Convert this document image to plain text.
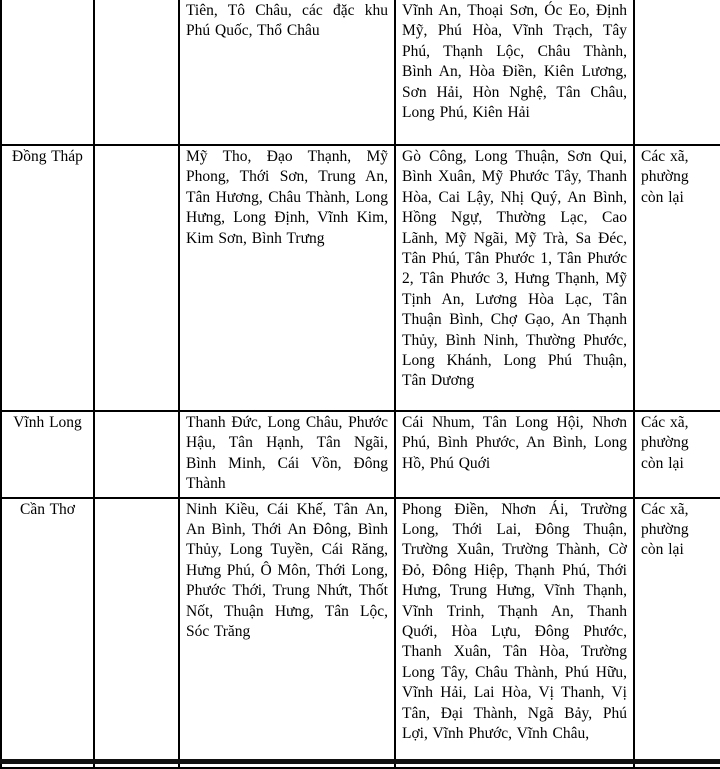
		Tiên, Tô Châu, các đặc khu Phú Quốc, Thổ Châu	Vĩnh An, Thoại Sơn, Óc Eo, Định Mỹ, Phú Hòa, Vĩnh Trạch, Tây Phú, Thạnh Lộc, Châu Thành, Bình An, Hòa Điền, Kiên Lương, Sơn Hải, Hòn Nghệ, Tân Châu, Long Phú, Kiên Hải	
Đồng Tháp		Mỹ Tho, Đạo Thạnh, Mỹ Phong, Thới Sơn, Trung An, Tân Hương, Châu Thành, Long Hưng, Long Định, Vĩnh Kim, Kim Sơn, Bình Trưng	Gò Công, Long Thuận, Sơn Qui, Bình Xuân, Mỹ Phước Tây, Thanh Hòa, Cai Lậy, Nhị Quý, An Bình, Hồng Ngự, Thường Lạc, Cao Lãnh, Mỹ Ngãi, Mỹ Trà, Sa Đéc, Tân Phú, Tân Phước 1, Tân Phước 2, Tân Phước 3, Hưng Thạnh, Mỹ Tịnh An, Lương Hòa Lạc, Tân Thuận Bình, Chợ Gạo, An Thạnh Thủy, Bình Ninh, Thường Phước, Long Khánh, Long Phú Thuận, Tân Dương	Các xã, phường còn lại
Vĩnh Long		Thanh Đức, Long Châu, Phước Hậu, Tân Hạnh, Tân Ngãi, Bình Minh, Cái Vồn, Đông Thành	Cái Nhum, Tân Long Hội, Nhơn Phú, Bình Phước, An Bình, Long Hồ, Phú Quới	Các xã, phường còn lại
Cần Thơ		Ninh Kiều, Cái Khế, Tân An, An Bình, Thới An Đông, Bình Thủy, Long Tuyền, Cái Răng, Hưng Phú, Ô Môn, Thới Long, Phước Thới, Trung Nhứt, Thốt Nốt, Thuận Hưng, Tân Lộc, Sóc Trăng	Phong Điền, Nhơn Ái, Trường Long, Thới Lai, Đông Thuận, Trường Xuân, Trường Thành, Cờ Đỏ, Đông Hiệp, Thạnh Phú, Thới Hưng, Trung Hưng, Vĩnh Thạnh, Vĩnh Trinh, Thạnh An, Thanh Quới, Hòa Lựu, Đông Phước, Thanh Xuân, Tân Hòa, Trường Long Tây, Châu Thành, Phú Hữu, Vĩnh Hải, Lai Hòa, Vị Thanh, Vị Tân, Đại Thành, Ngã Bảy, Phú Lợi, Vĩnh Phước, Vĩnh Châu,	Các xã, phường còn lại
